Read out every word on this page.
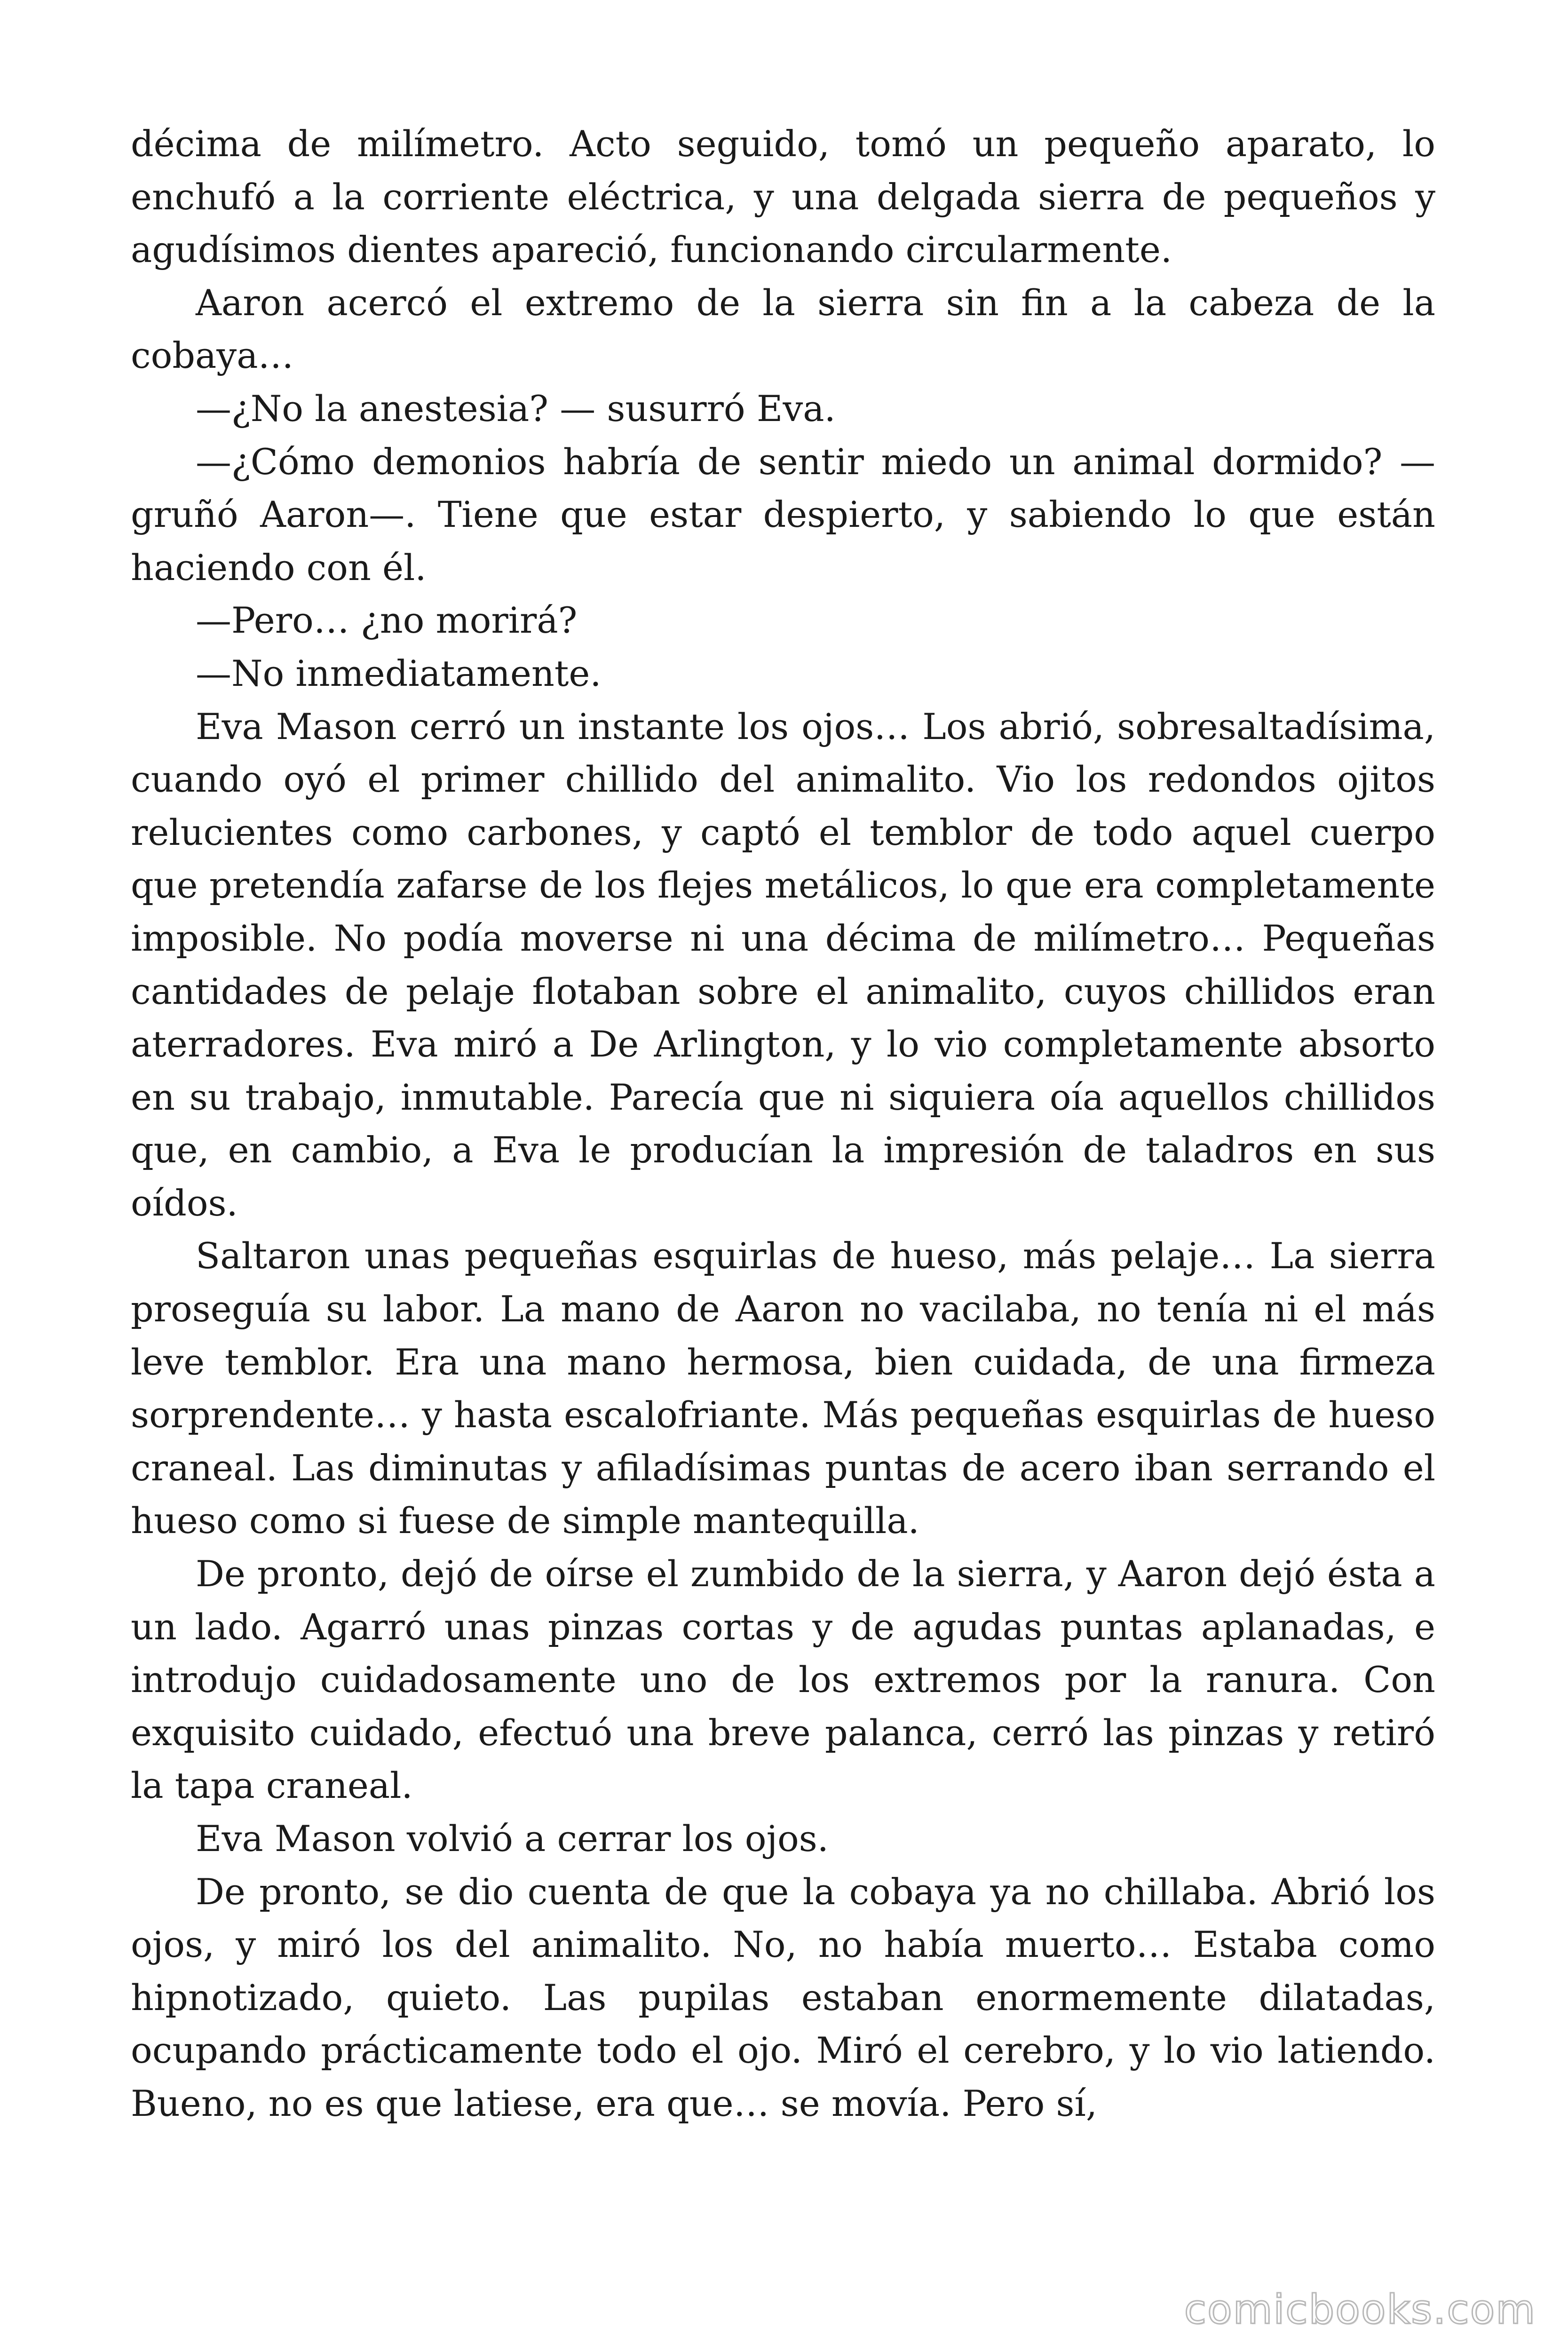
décima de milímetro. Acto seguido, tomó un pequeño aparato, lo enchufó a la corriente eléctrica, y una delgada sierra de pequeños y agudísimos dientes apareció, funcionando circularmente.

Aaron acercó el extremo de la sierra sin fin a la cabeza de la cobaya…

—¿No la anestesia? — susurró Eva.

—¿Cómo demonios habría de sentir miedo un animal dormido? — gruñó Aaron—. Tiene que estar despierto, y sabiendo lo que están haciendo con él.

—Pero… ¿no morirá?

—No inmediatamente.

Eva Mason cerró un instante los ojos… Los abrió, sobresaltadísima, cuando oyó el primer chillido del animalito. Vio los redondos ojitos relucientes como carbones, y captó el temblor de todo aquel cuerpo que pretendía zafarse de los flejes metálicos, lo que era completamente imposible. No podía moverse ni una décima de milímetro… Pequeñas cantidades de pelaje flotaban sobre el animalito, cuyos chillidos eran aterradores. Eva miró a De Arlington, y lo vio completamente absorto en su trabajo, inmutable. Parecía que ni siquiera oía aquellos chillidos que, en cambio, a Eva le producían la impresión de taladros en sus oídos.

Saltaron unas pequeñas esquirlas de hueso, más pelaje… La sierra proseguía su labor. La mano de Aaron no vacilaba, no tenía ni el más leve temblor. Era una mano hermosa, bien cuidada, de una firmeza sorprendente… y hasta escalofriante. Más pequeñas esquirlas de hueso craneal. Las diminutas y afiladísimas puntas de acero iban serrando el hueso como si fuese de simple mantequilla.

De pronto, dejó de oírse el zumbido de la sierra, y Aaron dejó ésta a un lado. Agarró unas pinzas cortas y de agudas puntas aplanadas, e introdujo cuidadosamente uno de los extremos por la ranura. Con exquisito cuidado, efectuó una breve palanca, cerró las pinzas y retiró la tapa craneal.

Eva Mason volvió a cerrar los ojos.

De pronto, se dio cuenta de que la cobaya ya no chillaba. Abrió los ojos, y miró los del animalito. No, no había muerto… Estaba como hipnotizado, quieto. Las pupilas estaban enormemente dilatadas, ocupando prácticamente todo el ojo. Miró el cerebro, y lo vio latiendo. Bueno, no es que latiese, era que… se movía. Pero sí,

comicbooks.com
